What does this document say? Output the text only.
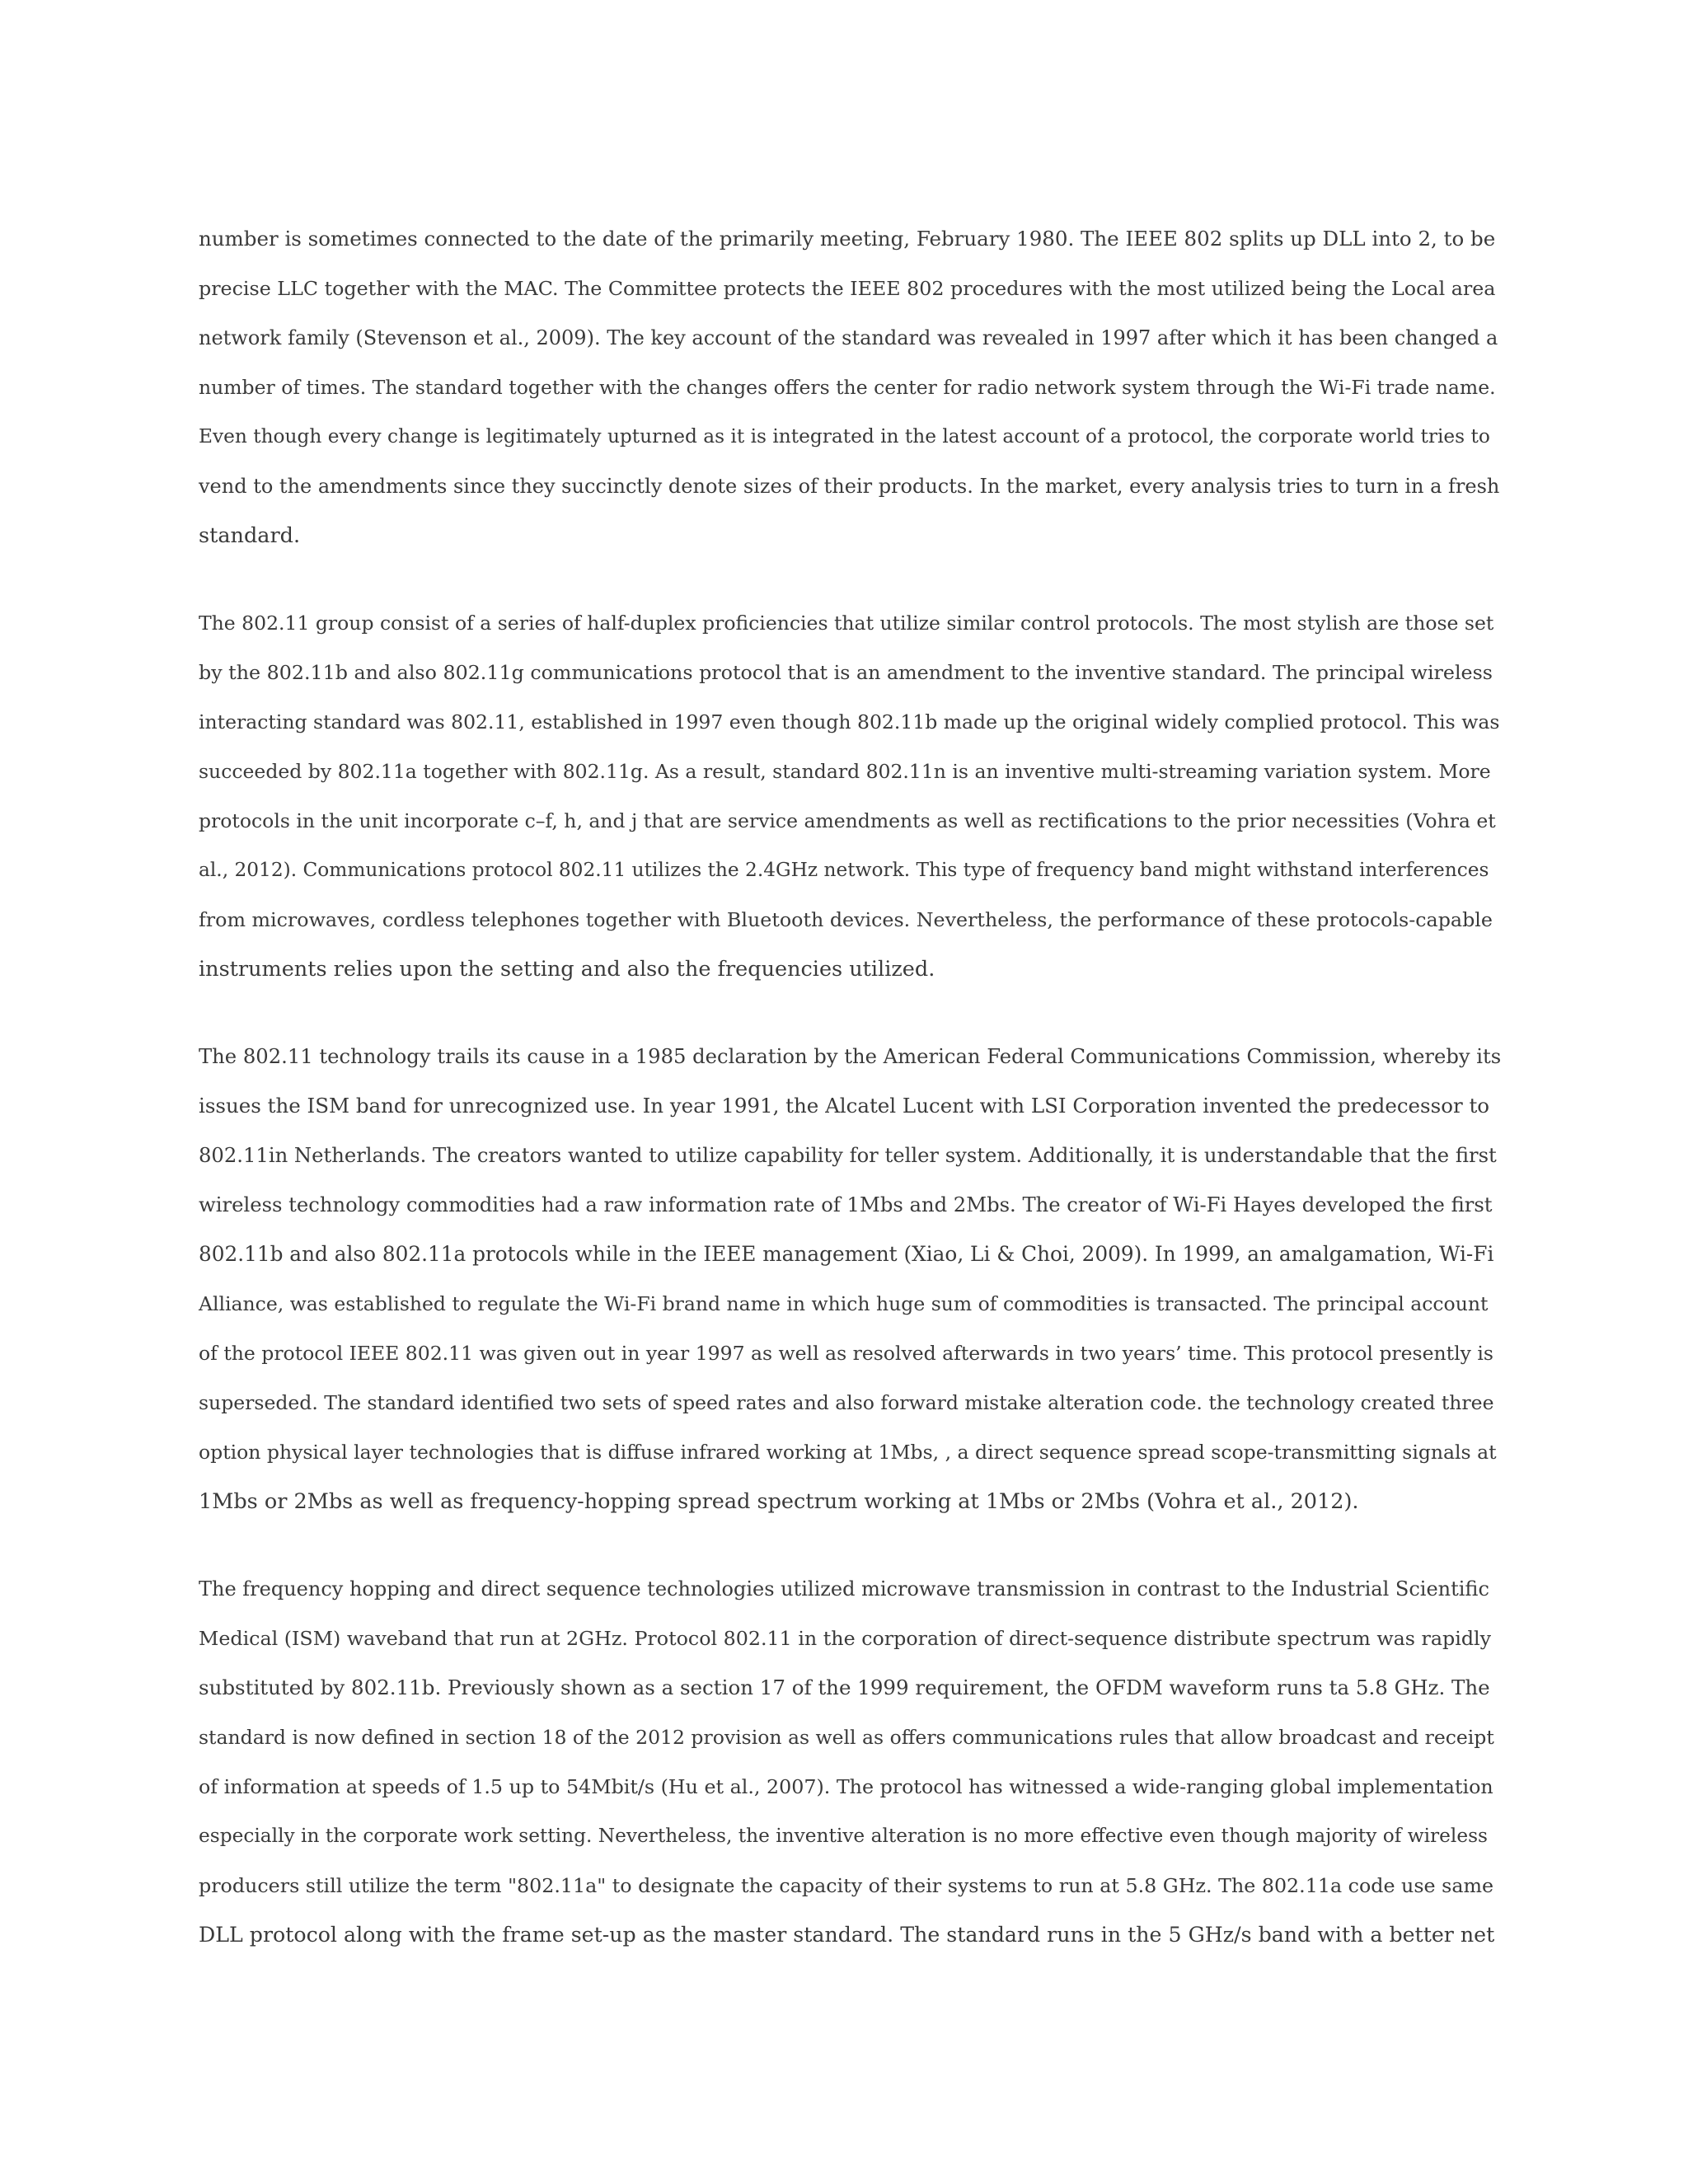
number is sometimes connected to the date of the primarily meeting, February 1980. The IEEE 802 splits up DLL into 2, to be
precise LLC together with the MAC. The Committee protects the IEEE 802 procedures with the most utilized being the Local area
network family (Stevenson et al., 2009). The key account of the standard was revealed in 1997 after which it has been changed a
number of times. The standard together with the changes offers the center for radio network system through the Wi-Fi trade name.
Even though every change is legitimately upturned as it is integrated in the latest account of a protocol, the corporate world tries to
vend to the amendments since they succinctly denote sizes of their products. In the market, every analysis tries to turn in a fresh
standard.

The 802.11 group consist of a series of half-duplex proficiencies that utilize similar control protocols. The most stylish are those set
by the 802.11b and also 802.11g communications protocol that is an amendment to the inventive standard. The principal wireless
interacting standard was 802.11, established in 1997 even though 802.11b made up the original widely complied protocol. This was
succeeded by 802.11a together with 802.11g. As a result, standard 802.11n is an inventive multi-streaming variation system. More
protocols in the unit incorporate c–f, h, and j that are service amendments as well as rectifications to the prior necessities (Vohra et
al., 2012). Communications protocol 802.11 utilizes the 2.4GHz network. This type of frequency band might withstand interferences
from microwaves, cordless telephones together with Bluetooth devices. Nevertheless, the performance of these protocols-capable
instruments relies upon the setting and also the frequencies utilized.

The 802.11 technology trails its cause in a 1985 declaration by the American Federal Communications Commission, whereby its
issues the ISM band for unrecognized use. In year 1991, the Alcatel Lucent with LSI Corporation invented the predecessor to
802.11in Netherlands. The creators wanted to utilize capability for teller system. Additionally, it is understandable that the first
wireless technology commodities had a raw information rate of 1Mbs and 2Mbs. The creator of Wi-Fi Hayes developed the first
802.11b and also 802.11a protocols while in the IEEE management (Xiao, Li & Choi, 2009). In 1999, an amalgamation, Wi-Fi
Alliance, was established to regulate the Wi-Fi brand name in which huge sum of commodities is transacted. The principal account
of the protocol IEEE 802.11 was given out in year 1997 as well as resolved afterwards in two years’ time. This protocol presently is
superseded. The standard identified two sets of speed rates and also forward mistake alteration code. the technology created three
option physical layer technologies that is diffuse infrared working at 1Mbs, , a direct sequence spread scope-transmitting signals at
1Mbs or 2Mbs as well as frequency-hopping spread spectrum working at 1Mbs or 2Mbs (Vohra et al., 2012).

The frequency hopping and direct sequence technologies utilized microwave transmission in contrast to the Industrial Scientific
Medical (ISM) waveband that run at 2GHz. Protocol 802.11 in the corporation of direct-sequence distribute spectrum was rapidly
substituted by 802.11b. Previously shown as a section 17 of the 1999 requirement, the OFDM waveform runs ta 5.8 GHz. The
standard is now defined in section 18 of the 2012 provision as well as offers communications rules that allow broadcast and receipt
of information at speeds of 1.5 up to 54Mbit/s (Hu et al., 2007). The protocol has witnessed a wide-ranging global implementation
especially in the corporate work setting. Nevertheless, the inventive alteration is no more effective even though majority of wireless
producers still utilize the term "802.11a" to designate the capacity of their systems to run at 5.8 GHz. The 802.11a code use same
DLL protocol along with the frame set-up as the master standard. The standard runs in the 5 GHz/s band with a better net
